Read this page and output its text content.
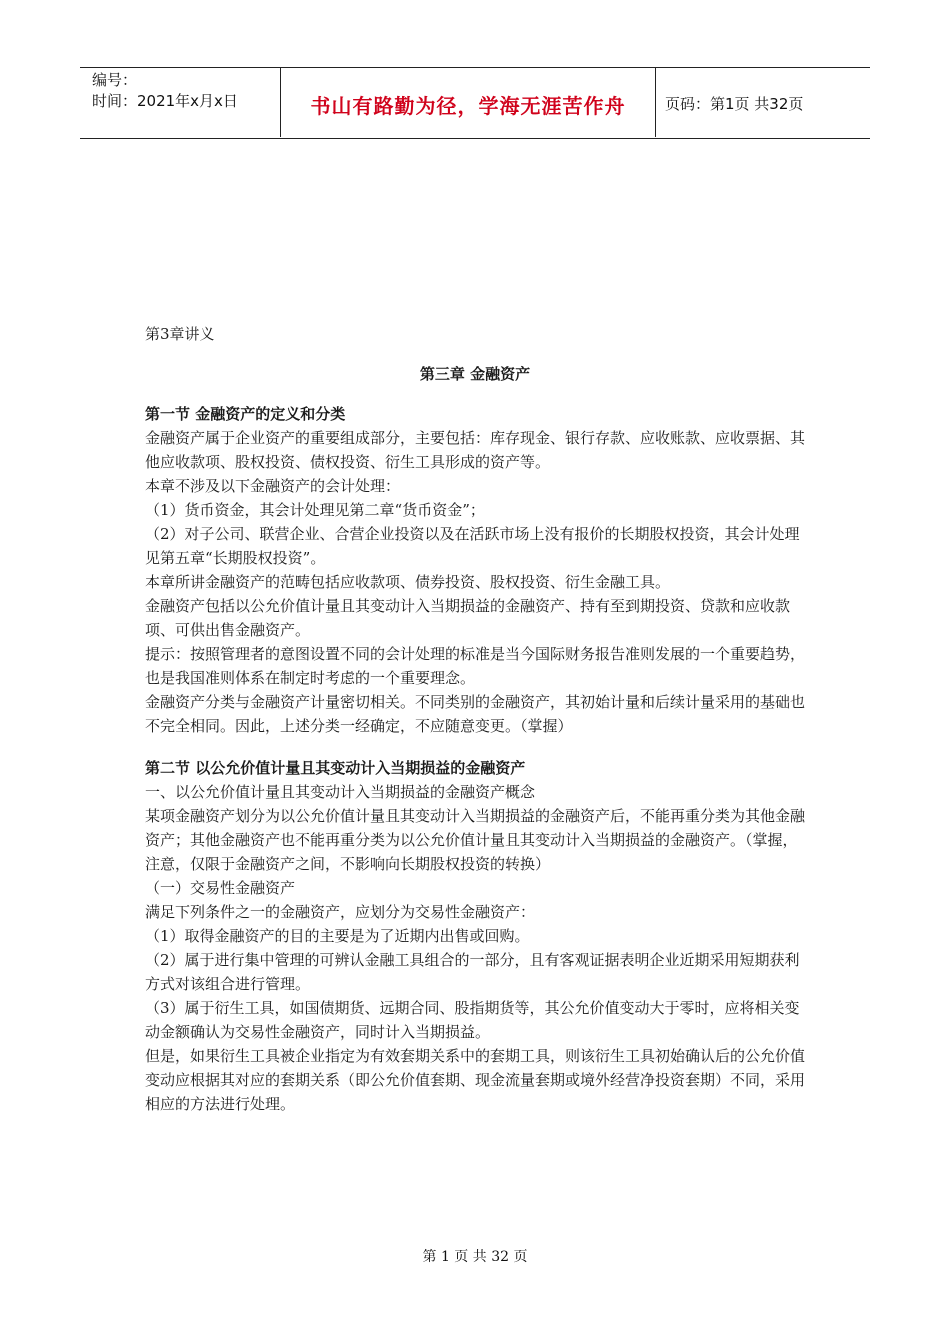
编号：
时间：2021年x月x日	书山有路勤为径，学海无涯苦作舟	页码：第1页 共32页

第3章讲义

第三章 金融资产

第一节 金融资产的定义和分类

金融资产属于企业资产的重要组成部分，主要包括：库存现金、银行存款、应收账款、应收票据、其他应收款项、股权投资、债权投资、衍生工具形成的资产等。

本章不涉及以下金融资产的会计处理：

（1）货币资金，其会计处理见第二章“货币资金”；

（2）对子公司、联营企业、合营企业投资以及在活跃市场上没有报价的长期股权投资，其会计处理见第五章“长期股权投资”。

本章所讲金融资产的范畴包括应收款项、债券投资、股权投资、衍生金融工具。

金融资产包括以公允价值计量且其变动计入当期损益的金融资产、持有至到期投资、贷款和应收款项、可供出售金融资产。

提示：按照管理者的意图设置不同的会计处理的标准是当今国际财务报告准则发展的一个重要趋势，也是我国准则体系在制定时考虑的一个重要理念。

金融资产分类与金融资产计量密切相关。不同类别的金融资产，其初始计量和后续计量采用的基础也不完全相同。因此，上述分类一经确定，不应随意变更。（掌握）

第二节 以公允价值计量且其变动计入当期损益的金融资产

一、以公允价值计量且其变动计入当期损益的金融资产概念

某项金融资产划分为以公允价值计量且其变动计入当期损益的金融资产后，不能再重分类为其他金融资产；其他金融资产也不能再重分类为以公允价值计量且其变动计入当期损益的金融资产。（掌握，注意，仅限于金融资产之间，不影响向长期股权投资的转换）

（一）交易性金融资产

满足下列条件之一的金融资产，应划分为交易性金融资产：

（1）取得金融资产的目的主要是为了近期内出售或回购。

（2）属于进行集中管理的可辨认金融工具组合的一部分，且有客观证据表明企业近期采用短期获利方式对该组合进行管理。

（3）属于衍生工具，如国债期货、远期合同、股指期货等，其公允价值变动大于零时，应将相关变动金额确认为交易性金融资产，同时计入当期损益。

但是，如果衍生工具被企业指定为有效套期关系中的套期工具，则该衍生工具初始确认后的公允价值变动应根据其对应的套期关系（即公允价值套期、现金流量套期或境外经营净投资套期）不同，采用相应的方法进行处理。

第 1 页 共 32 页
